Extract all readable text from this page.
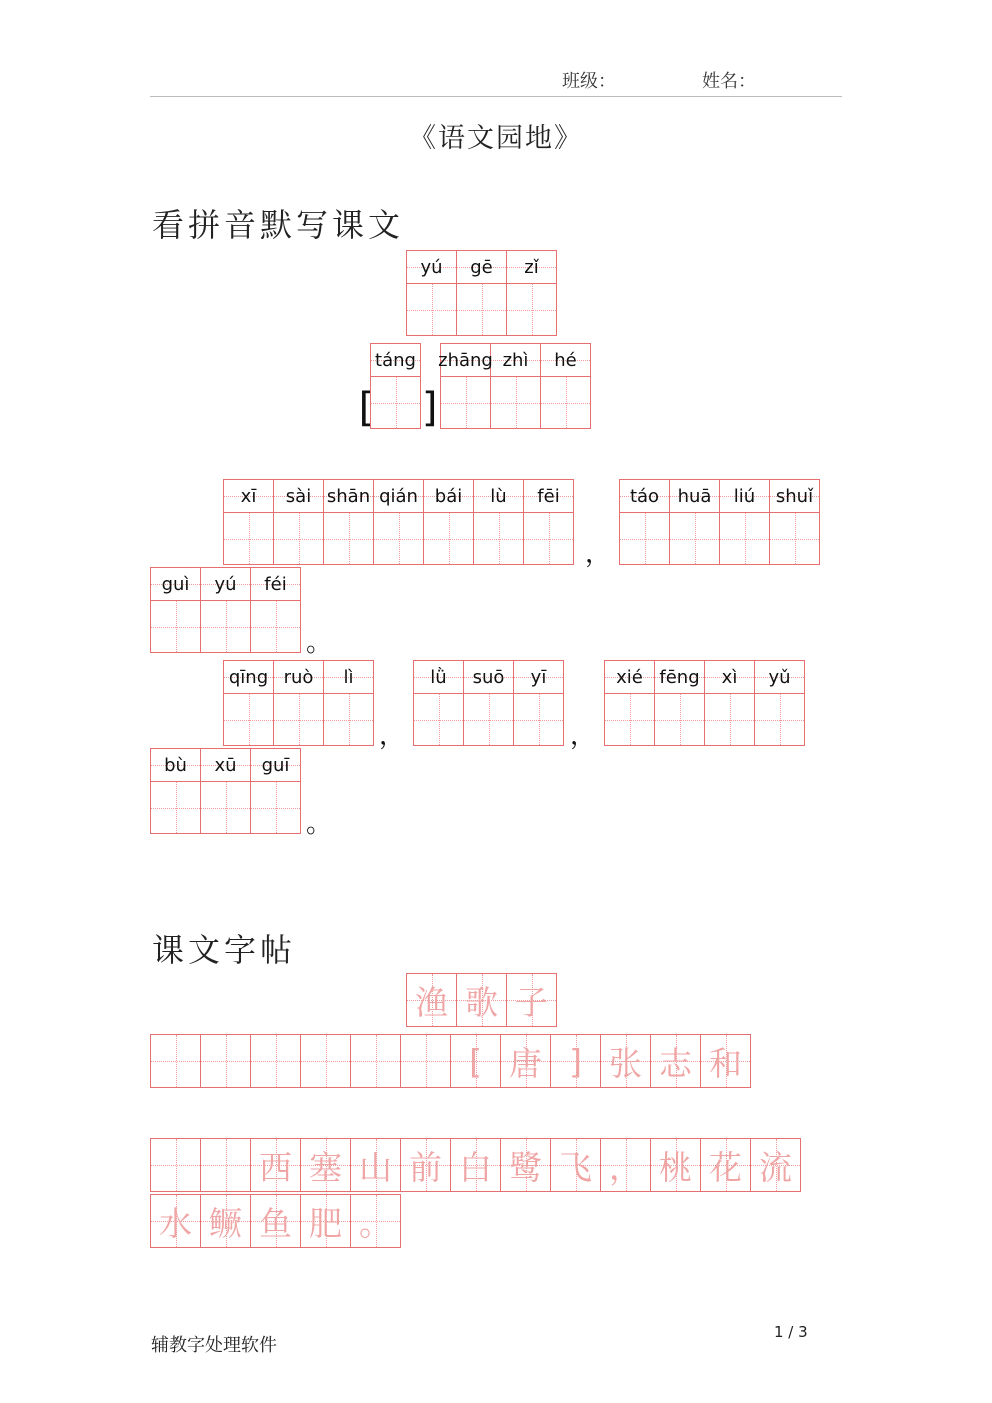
班级：	姓名：
《语文园地》
看拼音默写课文
yú gē zǐ
[
táng
]
zhāng zhì hé
xī sài shān qián bái lù fēi
，
táo huā liú shuǐ
guì yú féi
。
qīng ruò lì
，
lǜ suō yī
，
xié fēng xì yǔ
bù xū guī
。
课文字帖
渔 歌 子
[ 唐 ] 张 志 和
西 塞 山 前 白 鹭 飞 ， 桃 花 流
水 鳜 鱼 肥 。
辅教字处理软件
1 / 3
